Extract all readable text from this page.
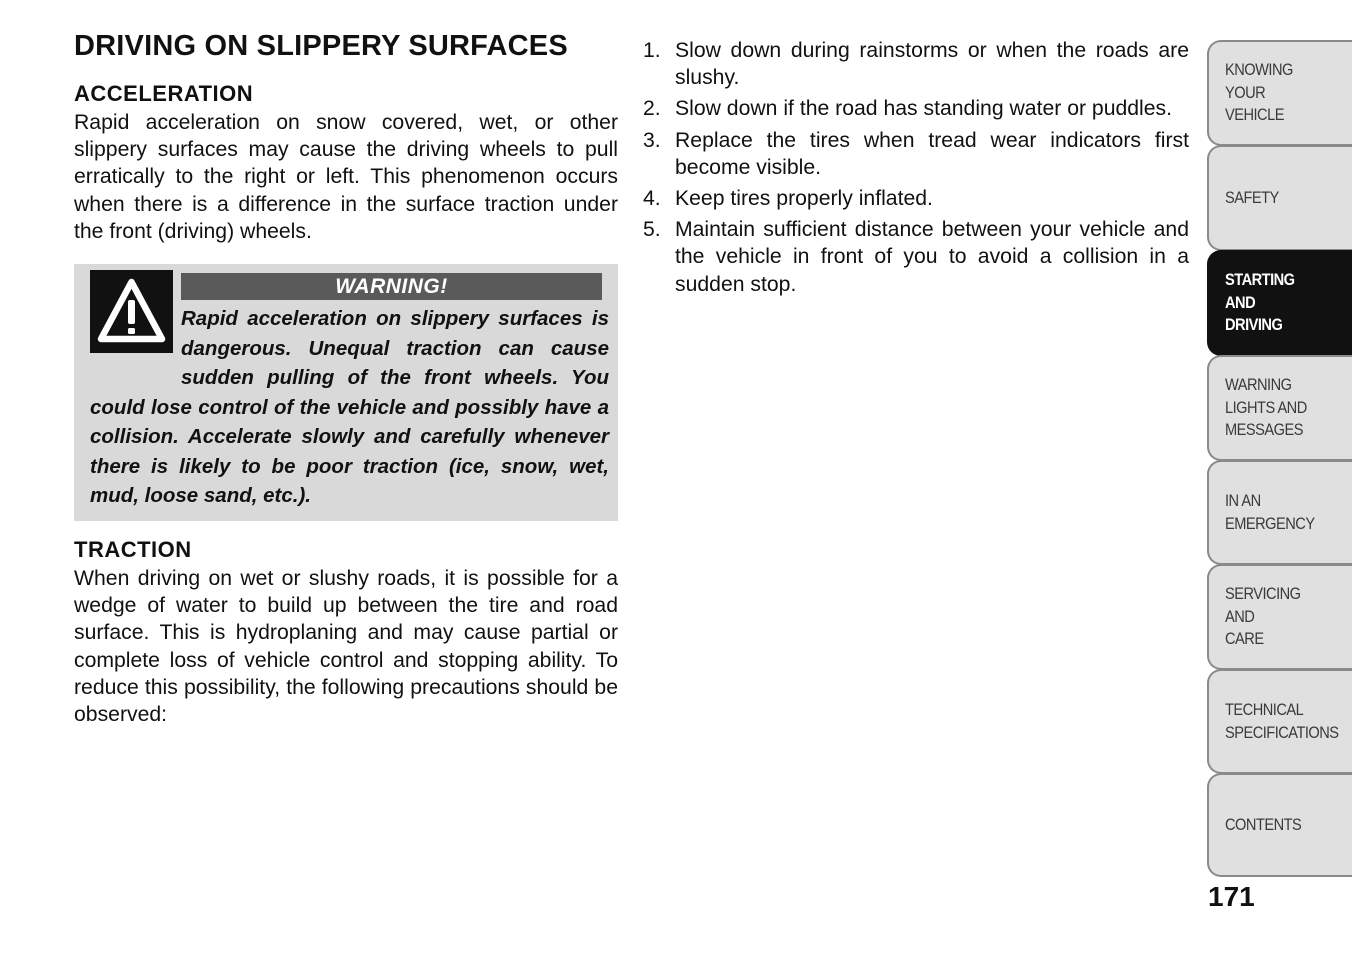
DRIVING ON SLIPPERY SURFACES
ACCELERATION

Rapid acceleration on snow covered, wet, or other slippery surfaces may cause the driving wheels to pull erratically to the right or left. This phenomenon occurs when there is a difference in the surface traction under the front (driving) wheels.

WARNING!

Rapid acceleration on slippery surfaces is dangerous. Unequal traction can cause sudden pulling of the front wheels. You could lose control of the vehicle and possibly have a collision. Accelerate slowly and carefully whenever there is likely to be poor traction (ice, snow, wet, mud, loose sand, etc.).

TRACTION

When driving on wet or slushy roads, it is possible for a wedge of water to build up between the tire and road surface. This is hydroplaning and may cause partial or complete loss of vehicle control and stopping ability. To reduce this possibility, the following precautions should be observed:

1. Slow down during rainstorms or when the roads are slushy.
2. Slow down if the road has standing water or puddles.
3. Replace the tires when tread wear indicators first become visible.
4. Keep tires properly inflated.
5. Maintain sufficient distance between your vehicle and the vehicle in front of you to avoid a collision in a sudden stop.
KNOWING
YOUR
VEHICLE
SAFETY
STARTING
AND
DRIVING
WARNING
LIGHTS AND
MESSAGES
IN AN
EMERGENCY
SERVICING
AND
CARE
TECHNICAL
SPECIFICATIONS
CONTENTS

171
